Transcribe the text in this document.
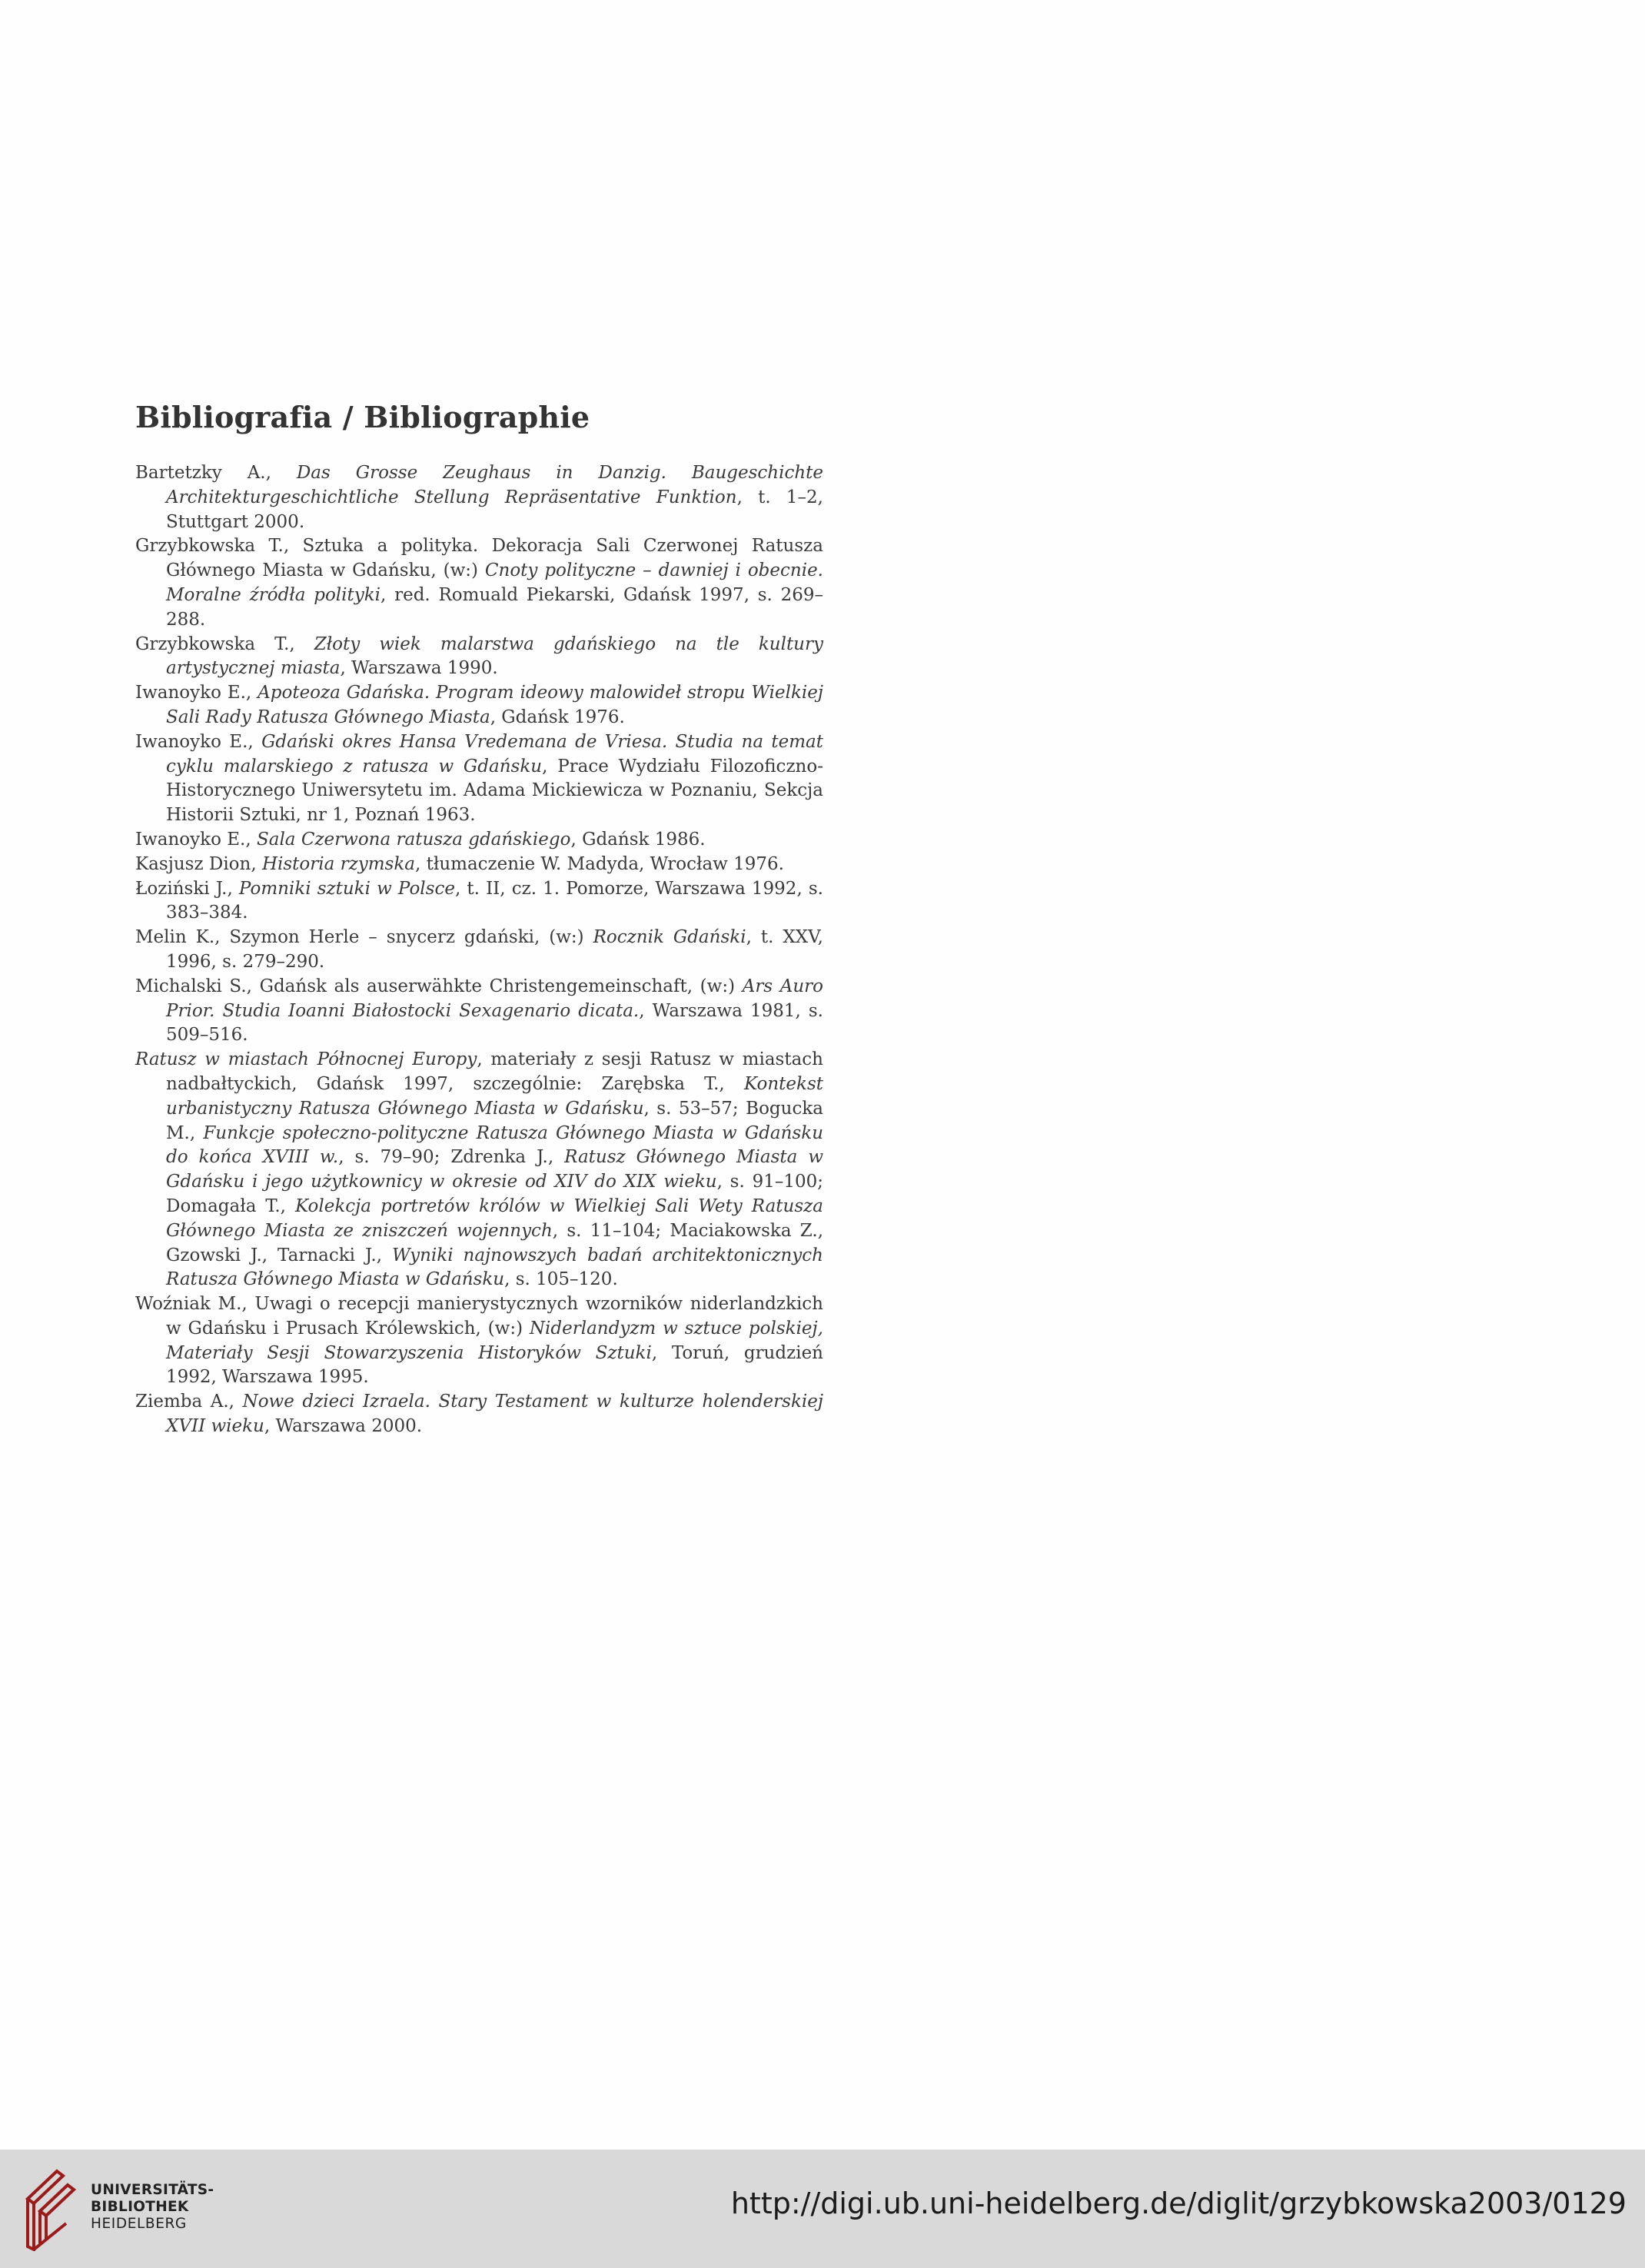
Bibliografia / Bibliographie
Bartetzky A., Das Grosse Zeughaus in Danzig. Baugeschichte Architekturgeschichtliche Stellung Repräsentative Funktion, t. 1–2, Stuttgart 2000.
Grzybkowska T., Sztuka a polityka. Dekoracja Sali Czerwonej Ratusza Głównego Miasta w Gdańsku, (w:) Cnoty polityczne – dawniej i obecnie. Moralne źródła polityki, red. Romuald Piekarski, Gdańsk 1997, s. 269–288.
Grzybkowska T., Złoty wiek malarstwa gdańskiego na tle kultury artystycznej miasta, Warszawa 1990.
Iwanoyko E., Apoteoza Gdańska. Program ideowy malowideł stropu Wielkiej Sali Rady Ratusza Głównego Miasta, Gdańsk 1976.
Iwanoyko E., Gdański okres Hansa Vredemana de Vriesa. Studia na temat cyklu malarskiego z ratusza w Gdańsku, Prace Wydziału Filozoficzno-Historycznego Uniwersytetu im. Adama Mickiewicza w Poznaniu, Sekcja Historii Sztuki, nr 1, Poznań 1963.
Iwanoyko E., Sala Czerwona ratusza gdańskiego, Gdańsk 1986.
Kasjusz Dion, Historia rzymska, tłumaczenie W. Madyda, Wrocław 1976.
Łoziński J., Pomniki sztuki w Polsce, t. II, cz. 1. Pomorze, Warszawa 1992, s. 383–384.
Melin K., Szymon Herle – snycerz gdański, (w:) Rocznik Gdański, t. XXV, 1996, s. 279–290.
Michalski S., Gdańsk als auserwähkte Christengemeinschaft, (w:) Ars Auro Prior. Studia Ioanni Białostocki Sexagenario dicata., Warszawa 1981, s. 509–516.
Ratusz w miastach Północnej Europy, materiały z sesji Ratusz w miastach nadbałtyckich, Gdańsk 1997, szczególnie: Zarębska T., Kontekst urbanistyczny Ratusza Głównego Miasta w Gdańsku, s. 53–57; Bogucka M., Funkcje społeczno-polityczne Ratusza Głównego Miasta w Gdańsku do końca XVIII w., s. 79–90; Zdrenka J., Ratusz Głównego Miasta w Gdańsku i jego użytkownicy w okresie od XIV do XIX wieku, s. 91–100; Domagała T., Kolekcja portretów królów w Wielkiej Sali Wety Ratusza Głównego Miasta ze zniszczeń wojennych, s. 11–104; Maciakowska Z., Gzowski J., Tarnacki J., Wyniki najnowszych badań architektonicznych Ratusza Głównego Miasta w Gdańsku, s. 105–120.
Woźniak M., Uwagi o recepcji manierystycznych wzorników niderlandzkich w Gdańsku i Prusach Królewskich, (w:) Niderlandyzm w sztuce polskiej, Materiały Sesji Stowarzyszenia Historyków Sztuki, Toruń, grudzień 1992, Warszawa 1995.
Ziemba A., Nowe dzieci Izraela. Stary Testament w kulturze holenderskiej XVII wieku, Warszawa 2000.
UNIVERSITÄTS-
BIBLIOTHEK
HEIDELBERG
http://digi.ub.uni-heidelberg.de/diglit/grzybkowska2003/0129
